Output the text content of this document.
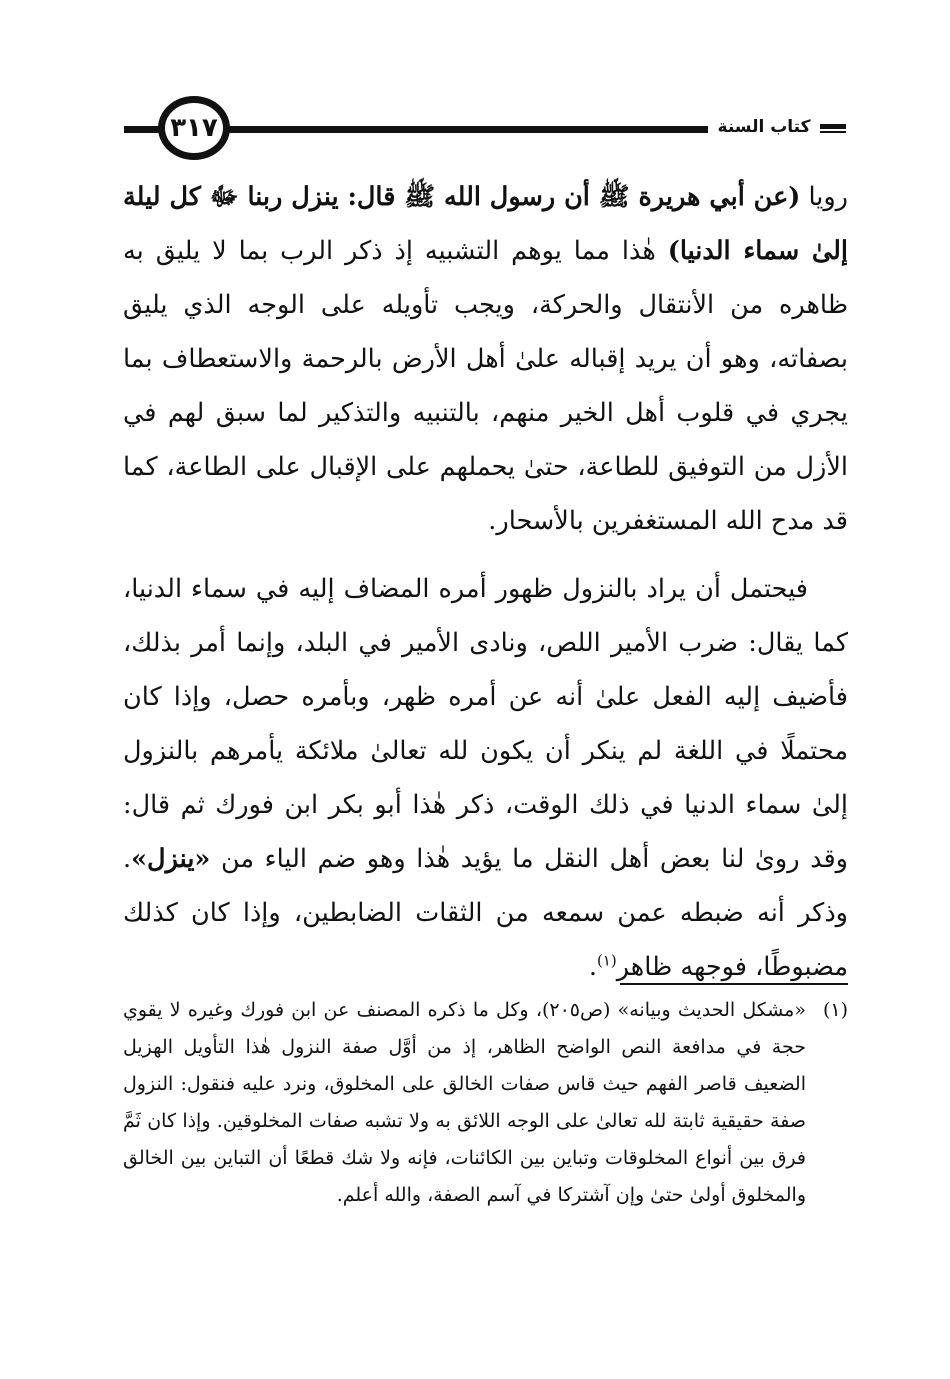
٣١٧	كتاب السنة

رويا (عن أبي هريرة ﷺ أن رسول الله ﷺ قال: ينزل ربنا ﷻ كل ليلة إلىٰ سماء الدنيا) هٰذا مما يوهم التشبيه إذ ذكر الرب بما لا يليق به ظاهره من الأنتقال والحركة، ويجب تأويله على الوجه الذي يليق بصفاته، وهو أن يريد إقباله علىٰ أهل الأرض بالرحمة والاستعطاف بما يجري في قلوب أهل الخير منهم، بالتنبيه والتذكير لما سبق لهم في الأزل من التوفيق للطاعة، حتىٰ يحملهم على الإقبال على الطاعة، كما قد مدح الله المستغفرين بالأسحار.

فيحتمل أن يراد بالنزول ظهور أمره المضاف إليه في سماء الدنيا، كما يقال: ضرب الأمير اللص، ونادى الأمير في البلد، وإنما أمر بذلك، فأضيف إليه الفعل علىٰ أنه عن أمره ظهر، وبأمره حصل، وإذا كان محتملًا في اللغة لم ينكر أن يكون لله تعالىٰ ملائكة يأمرهم بالنزول إلىٰ سماء الدنيا في ذلك الوقت، ذكر هٰذا أبو بكر ابن فورك ثم قال: وقد روىٰ لنا بعض أهل النقل ما يؤيد هٰذا وهو ضم الياء من «ينزل». وذكر أنه ضبطه عمن سمعه من الثقات الضابطين، وإذا كان كذلك مضبوطًا، فوجهه ظاهر$^{(١)}$.

(١)
«مشكل الحديث وبيانه» (ص٢٠٥)، وكل ما ذكره المصنف عن ابن فورك وغيره لا يقوي حجة في مدافعة النص الواضح الظاهر، إذ من أوَّل صفة النزول هٰذا التأويل الهزيل الضعيف قاصر الفهم حيث قاس صفات الخالق على المخلوق، ونرد عليه فنقول: النزول صفة حقيقية ثابتة لله تعالىٰ على الوجه اللائق به ولا تشبه صفات المخلوقين. وإذا كان ثَمَّ فرق بين أنواع المخلوقات وتباين بين الكائنات، فإنه ولا شك قطعًا أن التباين بين الخالق والمخلوق أولىٰ حتىٰ وإن آشتركا في آسم الصفة، والله أعلم.
